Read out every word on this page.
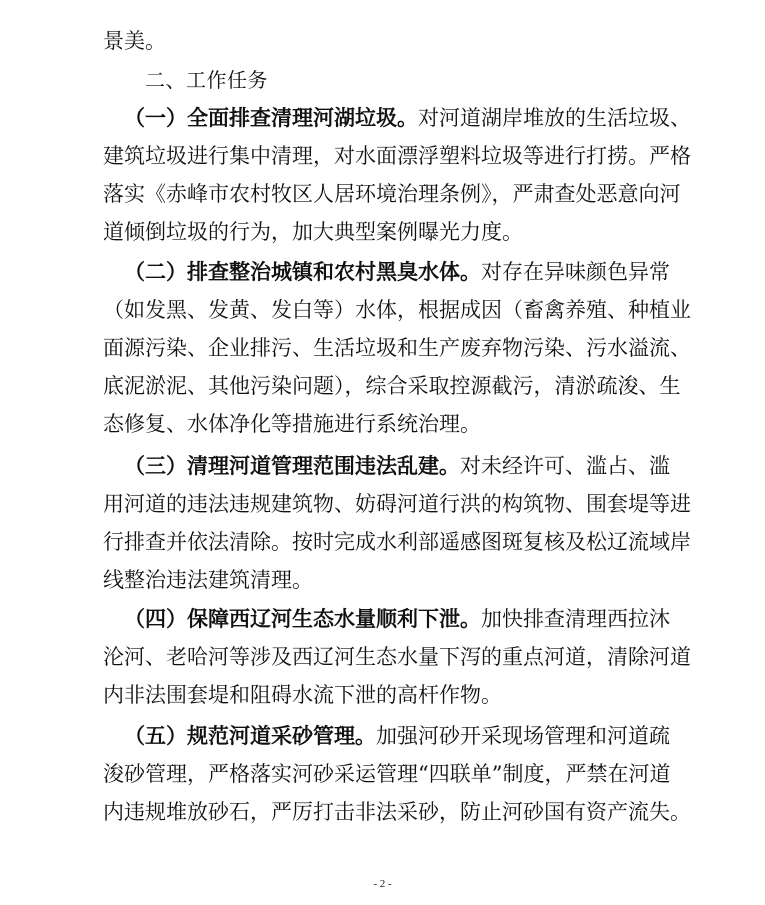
景美。
二、工作任务
（一）全面排查清理河湖垃圾。对河道湖岸堆放的生活垃圾、
建筑垃圾进行集中清理，对水面漂浮塑料垃圾等进行打捞。严格
落实《赤峰市农村牧区人居环境治理条例》，严肃查处恶意向河
道倾倒垃圾的行为，加大典型案例曝光力度。
（二）排查整治城镇和农村黑臭水体。对存在异味颜色异常
（如发黑、发黄、发白等）水体，根据成因（畜禽养殖、种植业
面源污染、企业排污、生活垃圾和生产废弃物污染、污水溢流、
底泥淤泥、其他污染问题），综合采取控源截污，清淤疏浚、生
态修复、水体净化等措施进行系统治理。
（三）清理河道管理范围违法乱建。对未经许可、滥占、滥
用河道的违法违规建筑物、妨碍河道行洪的构筑物、围套堤等进
行排查并依法清除。按时完成水利部遥感图斑复核及松辽流域岸
线整治违法建筑清理。
（四）保障西辽河生态水量顺利下泄。加快排查清理西拉沐
沦河、老哈河等涉及西辽河生态水量下泻的重点河道，清除河道
内非法围套堤和阻碍水流下泄的高杆作物。
（五）规范河道采砂管理。加强河砂开采现场管理和河道疏
浚砂管理，严格落实河砂采运管理“四联单”制度，严禁在河道
内违规堆放砂石，严厉打击非法采砂，防止河砂国有资产流失。
- 2 -
